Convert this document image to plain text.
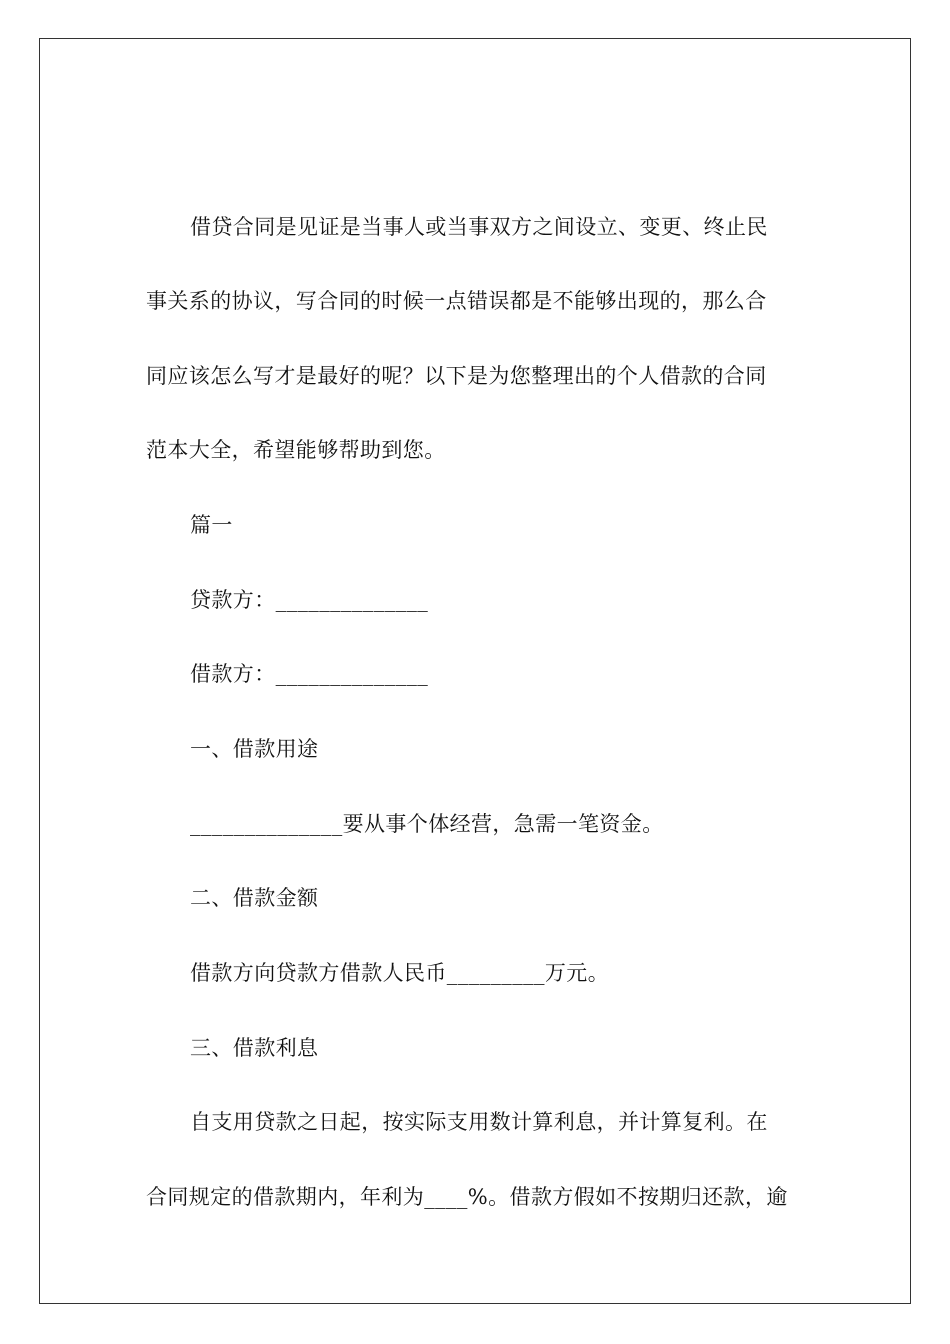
借贷合同是见证是当事人或当事双方之间设立、变更、终止民
事关系的协议，写合同的时候一点错误都是不能够出现的，那么合
同应该怎么写才是最好的呢？以下是为您整理出的个人借款的合同
范本大全，希望能够帮助到您。
篇一
贷款方：______________
借款方：______________
一、借款用途
______________要从事个体经营，急需一笔资金。
二、借款金额
借款方向贷款方借款人民币_________万元。
三、借款利息
自支用贷款之日起，按实际支用数计算利息，并计算复利。在
合同规定的借款期内，年利为____%。借款方假如不按期归还款，逾
